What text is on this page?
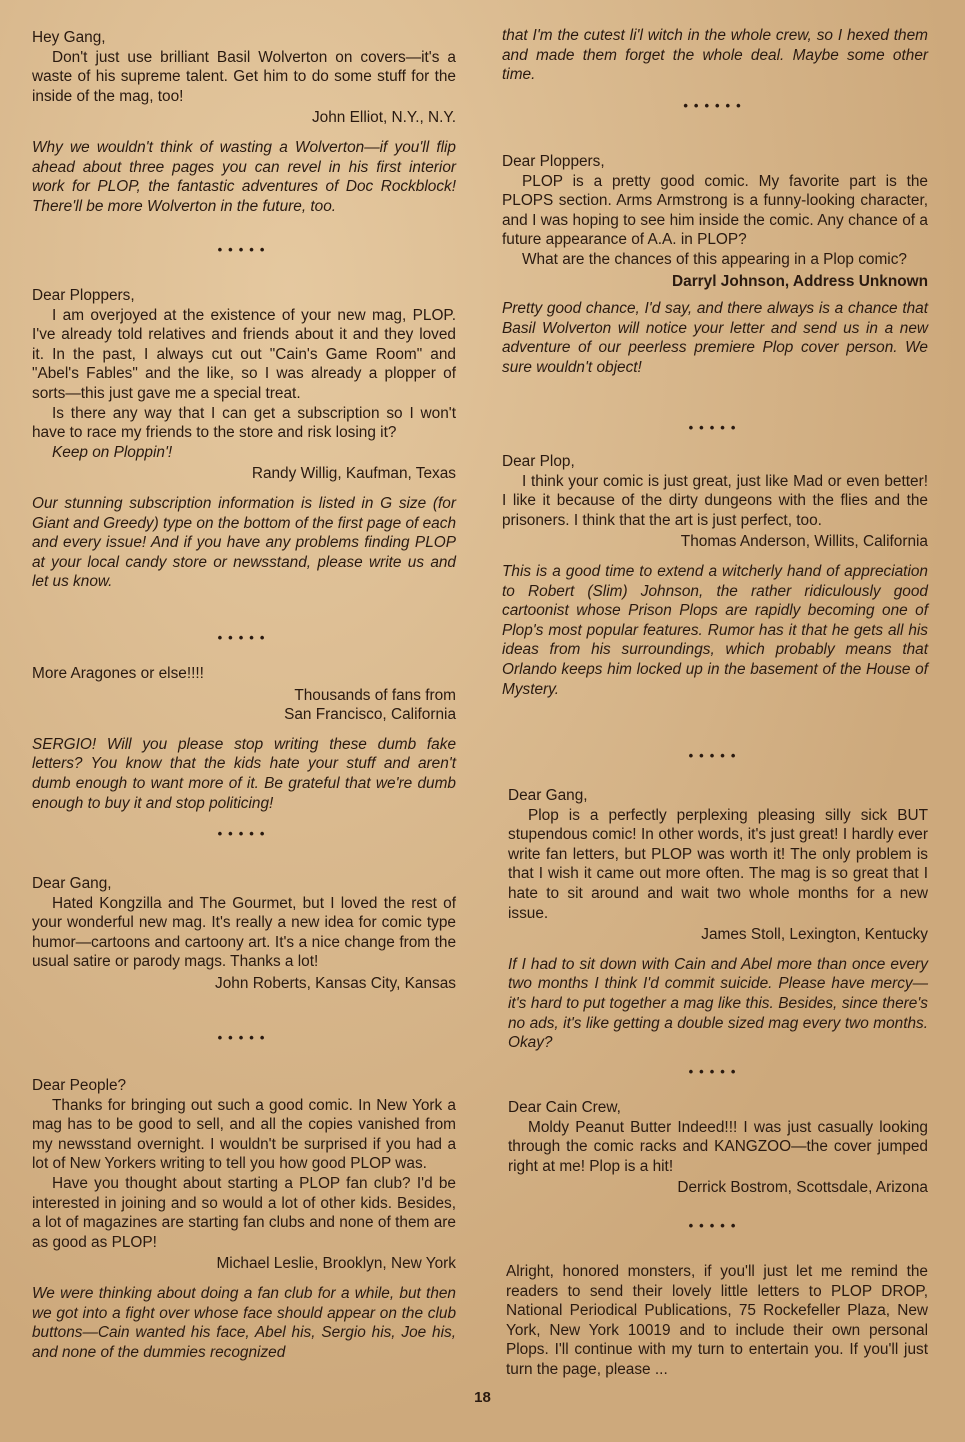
Hey Gang,

Don't just use brilliant Basil Wolverton on covers—it's a waste of his supreme talent. Get him to do some stuff for the inside of the mag, too!

John Elliot, N.Y., N.Y.

Why we wouldn't think of wasting a Wolverton—if you'll flip ahead about three pages you can revel in his first interior work for PLOP, the fantastic adventures of Doc Rockblock! There'll be more Wolverton in the future, too.

•••••

Dear Ploppers,

I am overjoyed at the existence of your new mag, PLOP. I've already told relatives and friends about it and they loved it. In the past, I always cut out "Cain's Game Room" and "Abel's Fables" and the like, so I was already a plopper of sorts—this just gave me a special treat.

Is there any way that I can get a subscription so I won't have to race my friends to the store and risk losing it?

Keep on Ploppin'!

Randy Willig, Kaufman, Texas

Our stunning subscription information is listed in G size (for Giant and Greedy) type on the bottom of the first page of each and every issue! And if you have any problems finding PLOP at your local candy store or newsstand, please write us and let us know.

•••••

More Aragones or else!!!!

Thousands of fans from

San Francisco, California

SERGIO! Will you please stop writing these dumb fake letters? You know that the kids hate your stuff and aren't dumb enough to want more of it. Be grateful that we're dumb enough to buy it and stop politicing!

•••••

Dear Gang,

Hated Kongzilla and The Gourmet, but I loved the rest of your wonderful new mag. It's really a new idea for comic type humor—cartoons and cartoony art. It's a nice change from the usual satire or parody mags. Thanks a lot!

John Roberts, Kansas City, Kansas

•••••

Dear People?

Thanks for bringing out such a good comic. In New York a mag has to be good to sell, and all the copies vanished from my newsstand overnight. I wouldn't be surprised if you had a lot of New Yorkers writing to tell you how good PLOP was.

Have you thought about starting a PLOP fan club? I'd be interested in joining and so would a lot of other kids. Besides, a lot of magazines are starting fan clubs and none of them are as good as PLOP!

Michael Leslie, Brooklyn, New York

We were thinking about doing a fan club for a while, but then we got into a fight over whose face should appear on the club buttons—Cain wanted his face, Abel his, Sergio his, Joe his, and none of the dummies recognized

that I'm the cutest li'l witch in the whole crew, so I hexed them and made them forget the whole deal. Maybe some other time.

••••••

Dear Ploppers,

PLOP is a pretty good comic. My favorite part is the PLOPS section. Arms Armstrong is a funny-looking character, and I was hoping to see him inside the comic. Any chance of a future appearance of A.A. in PLOP?

What are the chances of this appearing in a Plop comic?

Darryl Johnson, Address Unknown

Pretty good chance, I'd say, and there always is a chance that Basil Wolverton will notice your letter and send us in a new adventure of our peerless premiere Plop cover person. We sure wouldn't object!

•••••

Dear Plop,

I think your comic is just great, just like Mad or even better! I like it because of the dirty dungeons with the flies and the prisoners. I think that the art is just perfect, too.

Thomas Anderson, Willits, California

This is a good time to extend a witcherly hand of appreciation to Robert (Slim) Johnson, the rather ridiculously good cartoonist whose Prison Plops are rapidly becoming one of Plop's most popular features. Rumor has it that he gets all his ideas from his surroundings, which probably means that Orlando keeps him locked up in the basement of the House of Mystery.

•••••

Dear Gang,

Plop is a perfectly perplexing pleasing silly sick BUT stupendous comic! In other words, it's just great! I hardly ever write fan letters, but PLOP was worth it! The only problem is that I wish it came out more often. The mag is so great that I hate to sit around and wait two whole months for a new issue.

James Stoll, Lexington, Kentucky

If I had to sit down with Cain and Abel more than once every two months I think I'd commit suicide. Please have mercy—it's hard to put together a mag like this. Besides, since there's no ads, it's like getting a double sized mag every two months. Okay?

•••••

Dear Cain Crew,

Moldy Peanut Butter Indeed!!! I was just casually looking through the comic racks and KANGZOO—the cover jumped right at me! Plop is a hit!

Derrick Bostrom, Scottsdale, Arizona

•••••

Alright, honored monsters, if you'll just let me remind the readers to send their lovely little letters to PLOP DROP, National Periodical Publications, 75 Rockefeller Plaza, New York, New York 10019 and to include their own personal Plops. I'll continue with my turn to entertain you. If you'll just turn the page, please ...

18
